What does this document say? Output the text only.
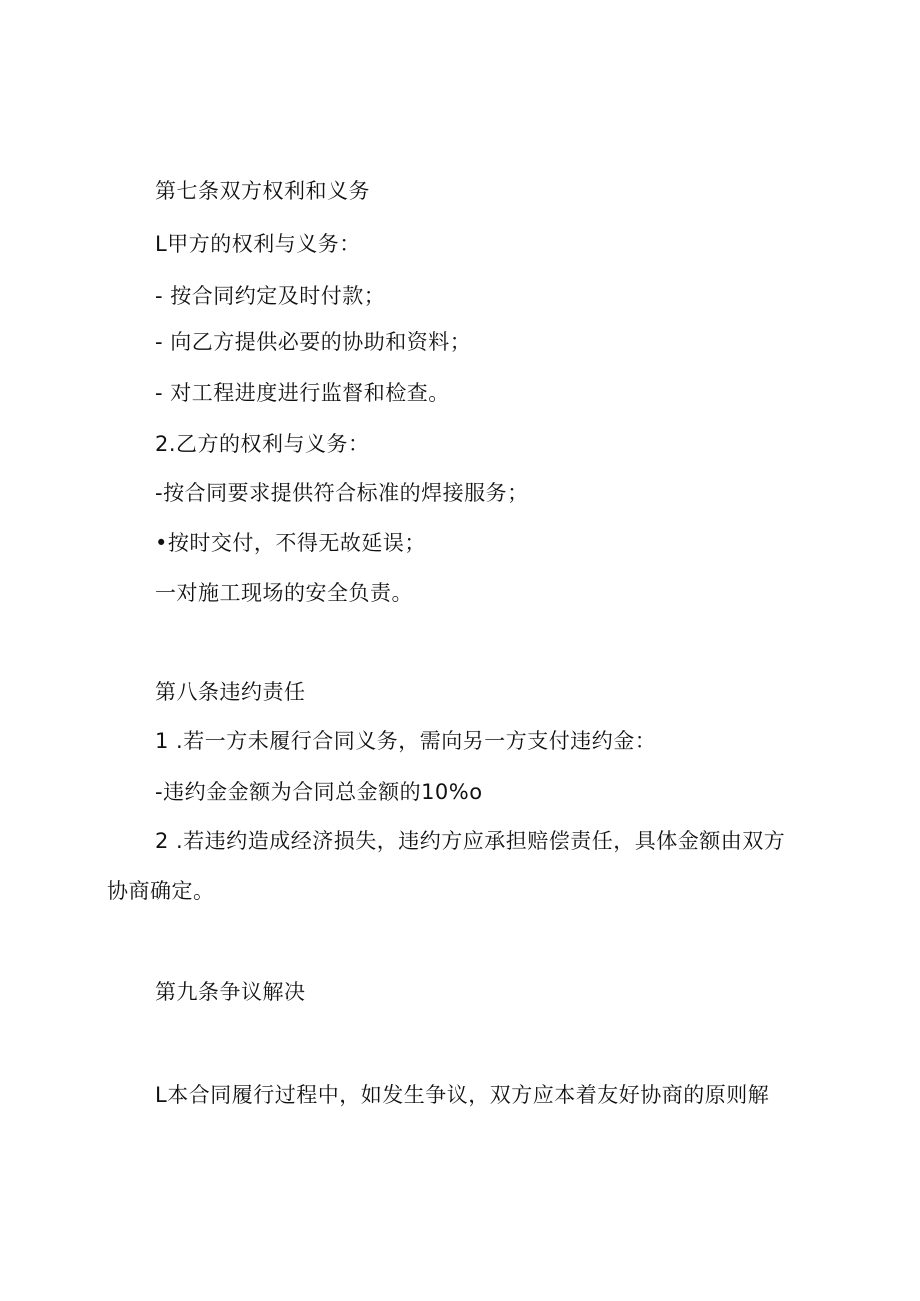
第七条双方权利和义务
L甲方的权利与义务：
- 按合同约定及时付款；
- 向乙方提供必要的协助和资料；
- 对工程进度进行监督和检查。
2.乙方的权利与义务：
-按合同要求提供符合标准的焊接服务；
•按时交付，不得无故延误；
一对施工现场的安全负责。
第八条违约责任
1 .若一方未履行合同义务，需向另一方支付违约金：
-违约金金额为合同总金额的10%o
2 .若违约造成经济损失，违约方应承担赔偿责任，具体金额由双方
协商确定。
第九条争议解决
L本合同履行过程中，如发生争议，双方应本着友好协商的原则解
